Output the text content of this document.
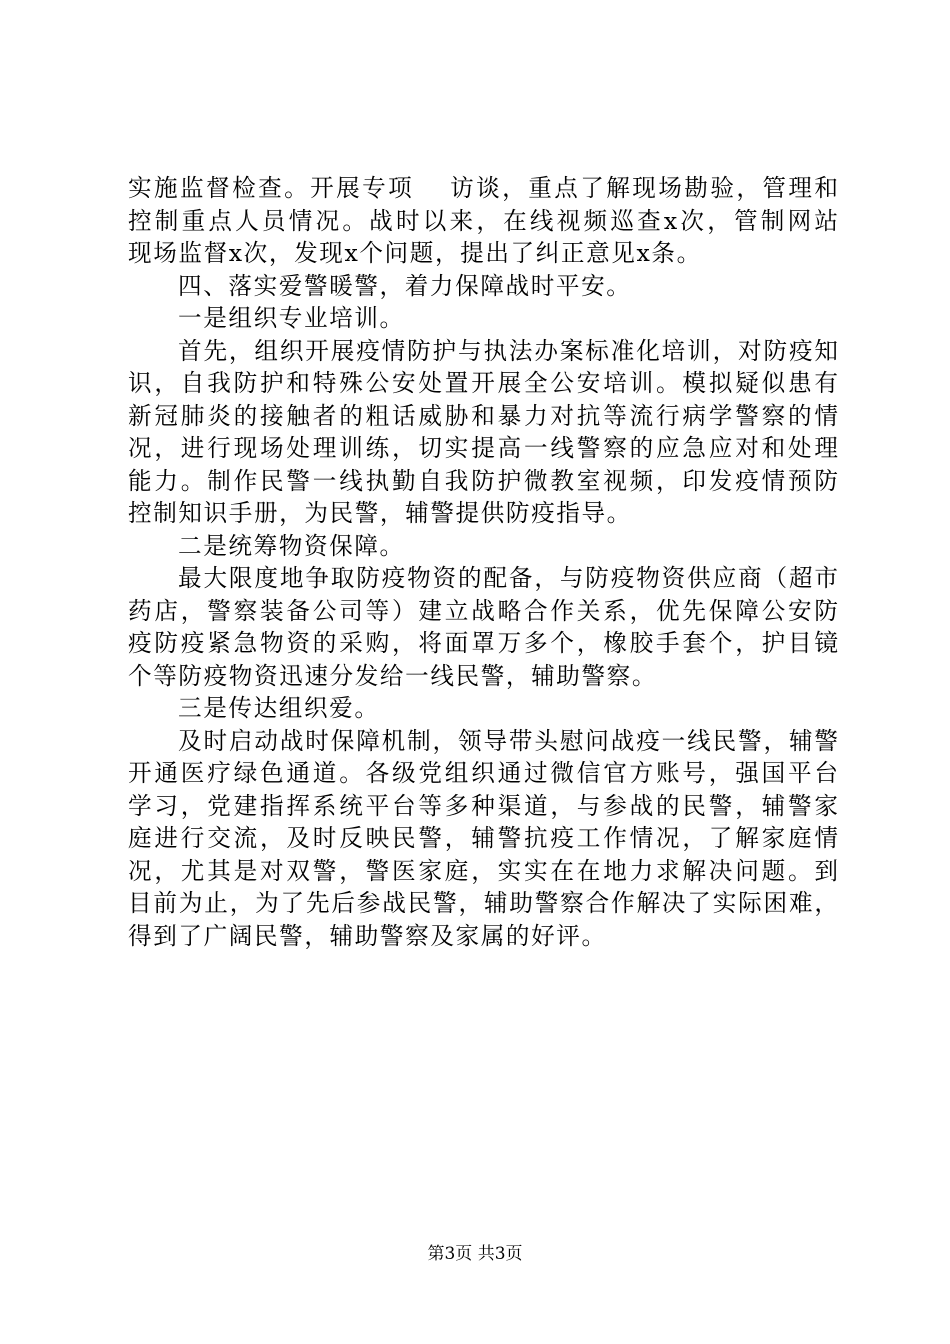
实施监督检查。开展专项　 访谈，重点了解现场勘验，管理和
控制重点人员情况。战时以来，在线视频巡查x次，管制网站
现场监督x次，发现x个问题，提出了纠正意见x条。
四、落实爱警暖警，着力保障战时平安。
一是组织专业培训。
首先，组织开展疫情防护与执法办案标准化培训，对防疫知
识，自我防护和特殊公安处置开展全公安培训。模拟疑似患有
新冠肺炎的接触者的粗话威胁和暴力对抗等流行病学警察的情
况，进行现场处理训练，切实提高一线警察的应急应对和处理
能力。制作民警一线执勤自我防护微教室视频，印发疫情预防
控制知识手册，为民警，辅警提供防疫指导。
二是统筹物资保障。
最大限度地争取防疫物资的配备，与防疫物资供应商（超市
药店，警察装备公司等）建立战略合作关系，优先保障公安防
疫防疫紧急物资的采购，将面罩万多个，橡胶手套个，护目镜
个等防疫物资迅速分发给一线民警，辅助警察。
三是传达组织爱。
及时启动战时保障机制，领导带头慰问战疫一线民警，辅警
开通医疗绿色通道。各级党组织通过微信官方账号，强国平台
学习，党建指挥系统平台等多种渠道，与参战的民警，辅警家
庭进行交流，及时反映民警，辅警抗疫工作情况，了解家庭情
况，尤其是对双警，警医家庭，实实在在地力求解决问题。到
目前为止，为了先后参战民警，辅助警察合作解决了实际困难，
得到了广阔民警，辅助警察及家属的好评。
第3页 共3页
